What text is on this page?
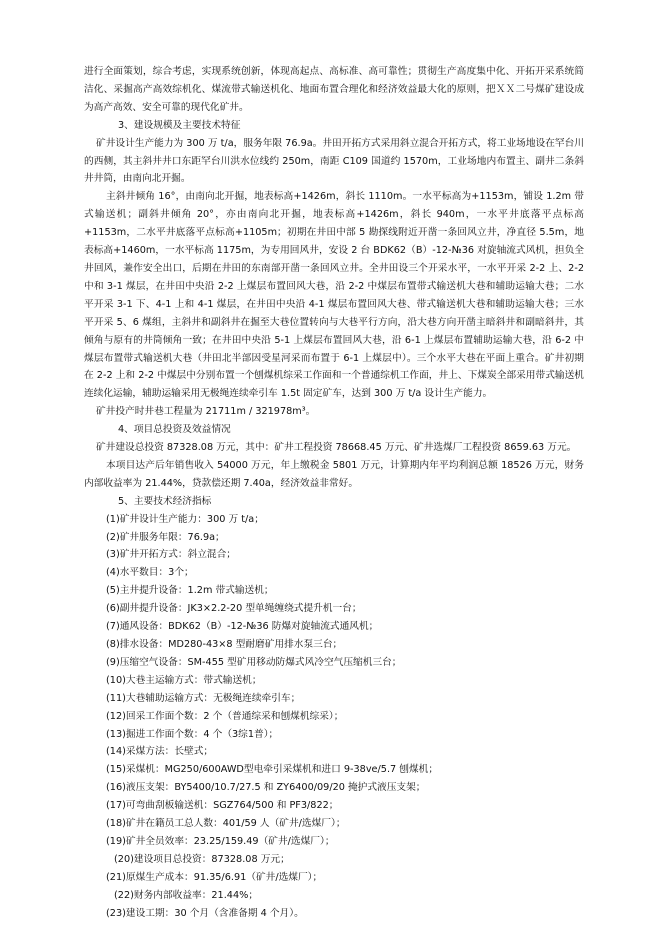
进行全面策划，综合考虑，实现系统创新，体现高起点、高标准、高可靠性；贯彻生产高度集中化、开拓开采系统简洁化、采掘高产高效综机化、煤流带式输送机化、地面布置合理化和经济效益最大化的原则，把ＸＸ二号煤矿建设成为高产高效、安全可靠的现代化矿井。

3、建设规模及主要技术特征

矿井设计生产能力为 300 万 t/a，服务年限 76.9a。井田开拓方式采用斜立混合开拓方式，将工业场地设在罕台川的西侧，其主斜井井口东距罕台川洪水位线约 250m，南距 C109 国道约 1570m，工业场地内布置主、副井二条斜井井筒，由南向北开掘。

主斜井倾角 16°，由南向北开掘，地表标高+1426m，斜长 1110m。一水平标高为+1153m，铺设 1.2m 带式输送机；副斜井倾角 20°，亦由南向北开掘，地表标高+1426m，斜长 940m，一水平井底落平点标高+1153m，二水平井底落平点标高+1105m；初期在井田中部 5 勘探线附近开凿一条回风立井，净直径 5.5m，地表标高+1460m，一水平标高 1175m，为专用回风井，安设 2 台 BDK62（B）-12-№36 对旋轴流式风机，担负全井回风，兼作安全出口，后期在井田的东南部开凿一条回风立井。全井田设三个开采水平，一水平开采 2-2 上、2-2 中和 3-1 煤层，在井田中央沿 2-2 上煤层布置回风大巷，沿 2-2 中煤层布置带式输送机大巷和辅助运输大巷；二水平开采 3-1 下、4-1 上和 4-1 煤层，在井田中央沿 4-1 煤层布置回风大巷、带式输送机大巷和辅助运输大巷；三水平开采 5、6 煤组，主斜井和副斜井在掘至大巷位置转向与大巷平行方向，沿大巷方向开凿主暗斜井和副暗斜井，其倾角与原有的井筒倾角一致；在井田中央沿 5-1 上煤层布置回风大巷，沿 6-1 上煤层布置辅助运输大巷，沿 6-2 中煤层布置带式输送机大巷（井田北半部因受星河采而布置于 6-1 上煤层中）。三个水平大巷在平面上重合。矿井初期在 2-2 上和 2-2 中煤层中分别布置一个刨煤机综采工作面和一个普通综机工作面，井上、下煤炭全部采用带式输送机连续化运输，辅助运输采用无极绳连续牵引车 1.5t 固定矿车，达到 300 万 t/a 设计生产能力。

矿井投产时井巷工程量为 21711m / 321978m³。

4、项目总投资及效益情况

矿井建设总投资 87328.08 万元，其中：矿井工程投资 78668.45 万元、矿井选煤厂工程投资 8659.63 万元。

本项目达产后年销售收入 54000 万元，年上缴税金 5801 万元，计算期内年平均利润总额 18526 万元，财务内部收益率为 21.44%，贷款偿还期 7.40a，经济效益非常好。

5、主要技术经济指标

(1)矿井设计生产能力：300 万 t/a；

(2)矿井服务年限：76.9a；

(3)矿井开拓方式：斜立混合；

(4)水平数目：3个；

(5)主井提升设备：1.2m 带式输送机；

(6)副井提升设备：JK3×2.2-20 型单绳缠绕式提升机一台；

(7)通风设备：BDK62（B）-12-№36 防爆对旋轴流式通风机；

(8)排水设备：MD280-43×8 型耐磨矿用排水泵三台；

(9)压缩空气设备：SM-455 型矿用移动防爆式风冷空气压缩机三台；

(10)大巷主运输方式：带式输送机；

(11)大巷辅助运输方式：无极绳连续牵引车；

(12)回采工作面个数：2 个（普通综采和刨煤机综采）；

(13)掘进工作面个数：4 个（3综1普）；

(14)采煤方法：长壁式；

(15)采煤机：MG250/600AWD型电牵引采煤机和进口 9-38ve/5.7 刨煤机；

(16)液压支架：BY5400/10.7/27.5 和 ZY6400/09/20 掩护式液压支架；

(17)可弯曲刮板输送机：SGZ764/500 和 PF3/822；

(18)矿井在籍员工总人数：401/59 人（矿井/选煤厂）；

(19)矿井全员效率：23.25/159.49（矿井/选煤厂）；

(20)建设项目总投资：87328.08 万元；

(21)原煤生产成本：91.35/6.91（矿井/选煤厂）；

(22)财务内部收益率：21.44%；

(23)建设工期：30 个月（含准备期 4 个月）。
